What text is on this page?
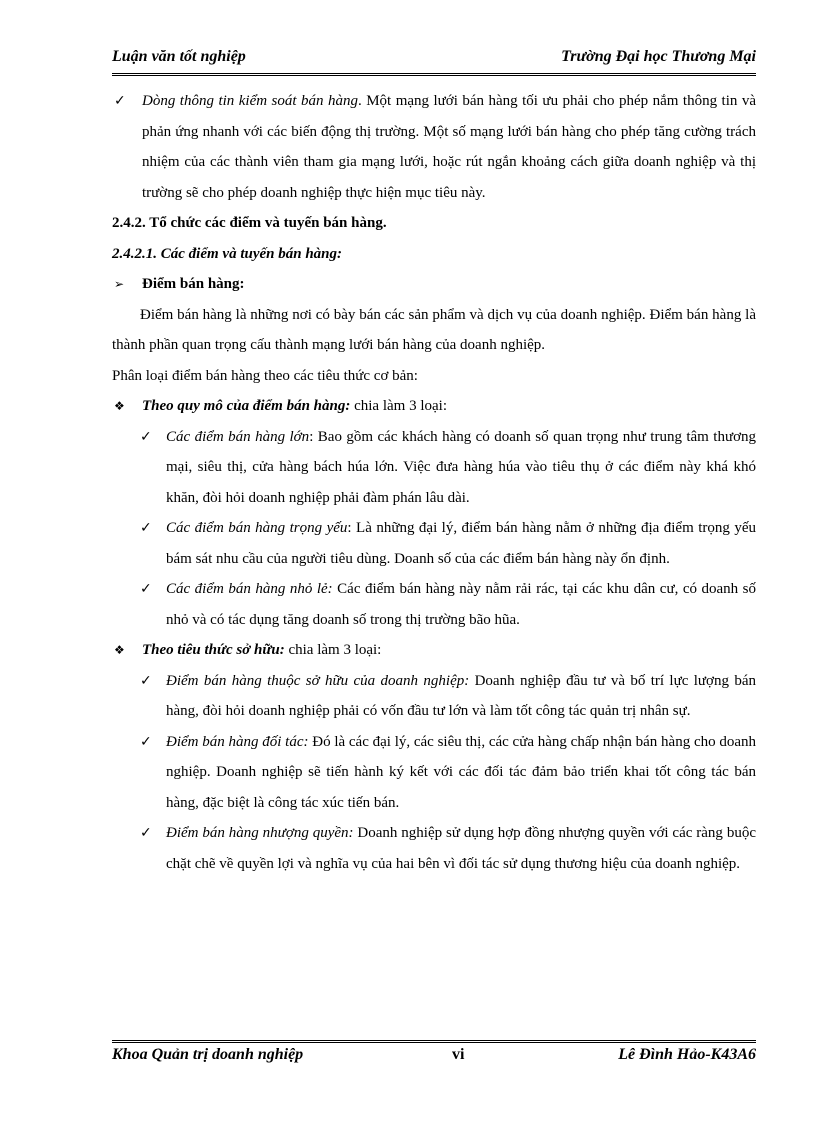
Luận văn tốt nghiệp	Trường Đại học Thương Mại

✓ Dòng thông tin kiểm soát bán hàng. Một mạng lưới bán hàng tối ưu phải cho phép nắm thông tin và phản ứng nhanh với các biến động thị trường. Một số mạng lưới bán hàng cho phép tăng cường trách nhiệm của các thành viên tham gia mạng lưới, hoặc rút ngắn khoảng cách giữa doanh nghiệp và thị trường sẽ cho phép doanh nghiệp thực hiện mục tiêu này.

2.4.2. Tổ chức các điểm và tuyến bán hàng.

2.4.2.1. Các điểm và tuyến bán hàng:

➢ Điểm bán hàng:

Điểm bán hàng là những nơi có bày bán các sản phẩm và dịch vụ của doanh nghiệp. Điểm bán hàng là thành phần quan trọng cấu thành mạng lưới bán hàng của doanh nghiệp.

Phân loại điểm bán hàng theo các tiêu thức cơ bản:

❖ Theo quy mô của điểm bán hàng: chia làm 3 loại:

✓ Các điểm bán hàng lớn: Bao gồm các khách hàng có doanh số quan trọng như trung tâm thương mại, siêu thị, cửa hàng bách húa lớn. Việc đưa hàng húa vào tiêu thụ ở các điểm này khá khó khăn, đòi hỏi doanh nghiệp phải đàm phán lâu dài.

✓ Các điểm bán hàng trọng yếu: Là những đại lý, điểm bán hàng nằm ở những địa điểm trọng yếu bám sát nhu cầu của người tiêu dùng. Doanh số của các điểm bán hàng này ổn định.

✓ Các điểm bán hàng nhỏ lẻ: Các điểm bán hàng này nằm rải rác, tại các khu dân cư, có doanh số nhỏ và có tác dụng tăng doanh số trong thị trường bão hũa.

❖ Theo tiêu thức sở hữu: chia làm 3 loại:

✓ Điểm bán hàng thuộc sở hữu của doanh nghiệp: Doanh nghiệp đầu tư và bố trí lực lượng bán hàng, đòi hỏi doanh nghiệp phải có vốn đầu tư lớn và làm tốt công tác quản trị nhân sự.

✓ Điểm bán hàng đối tác: Đó là các đại lý, các siêu thị, các cửa hàng chấp nhận bán hàng cho doanh nghiệp. Doanh nghiệp sẽ tiến hành ký kết với các đối tác đảm bảo triển khai tốt công tác bán hàng, đặc biệt là công tác xúc tiến bán.

✓ Điểm bán hàng nhượng quyền: Doanh nghiệp sử dụng hợp đồng nhượng quyền với các ràng buộc chặt chẽ về quyền lợi và nghĩa vụ của hai bên vì đối tác sử dụng thương hiệu của doanh nghiệp.

Khoa Quản trị doanh nghiệp	vi	Lê Đình Hảo-K43A6
